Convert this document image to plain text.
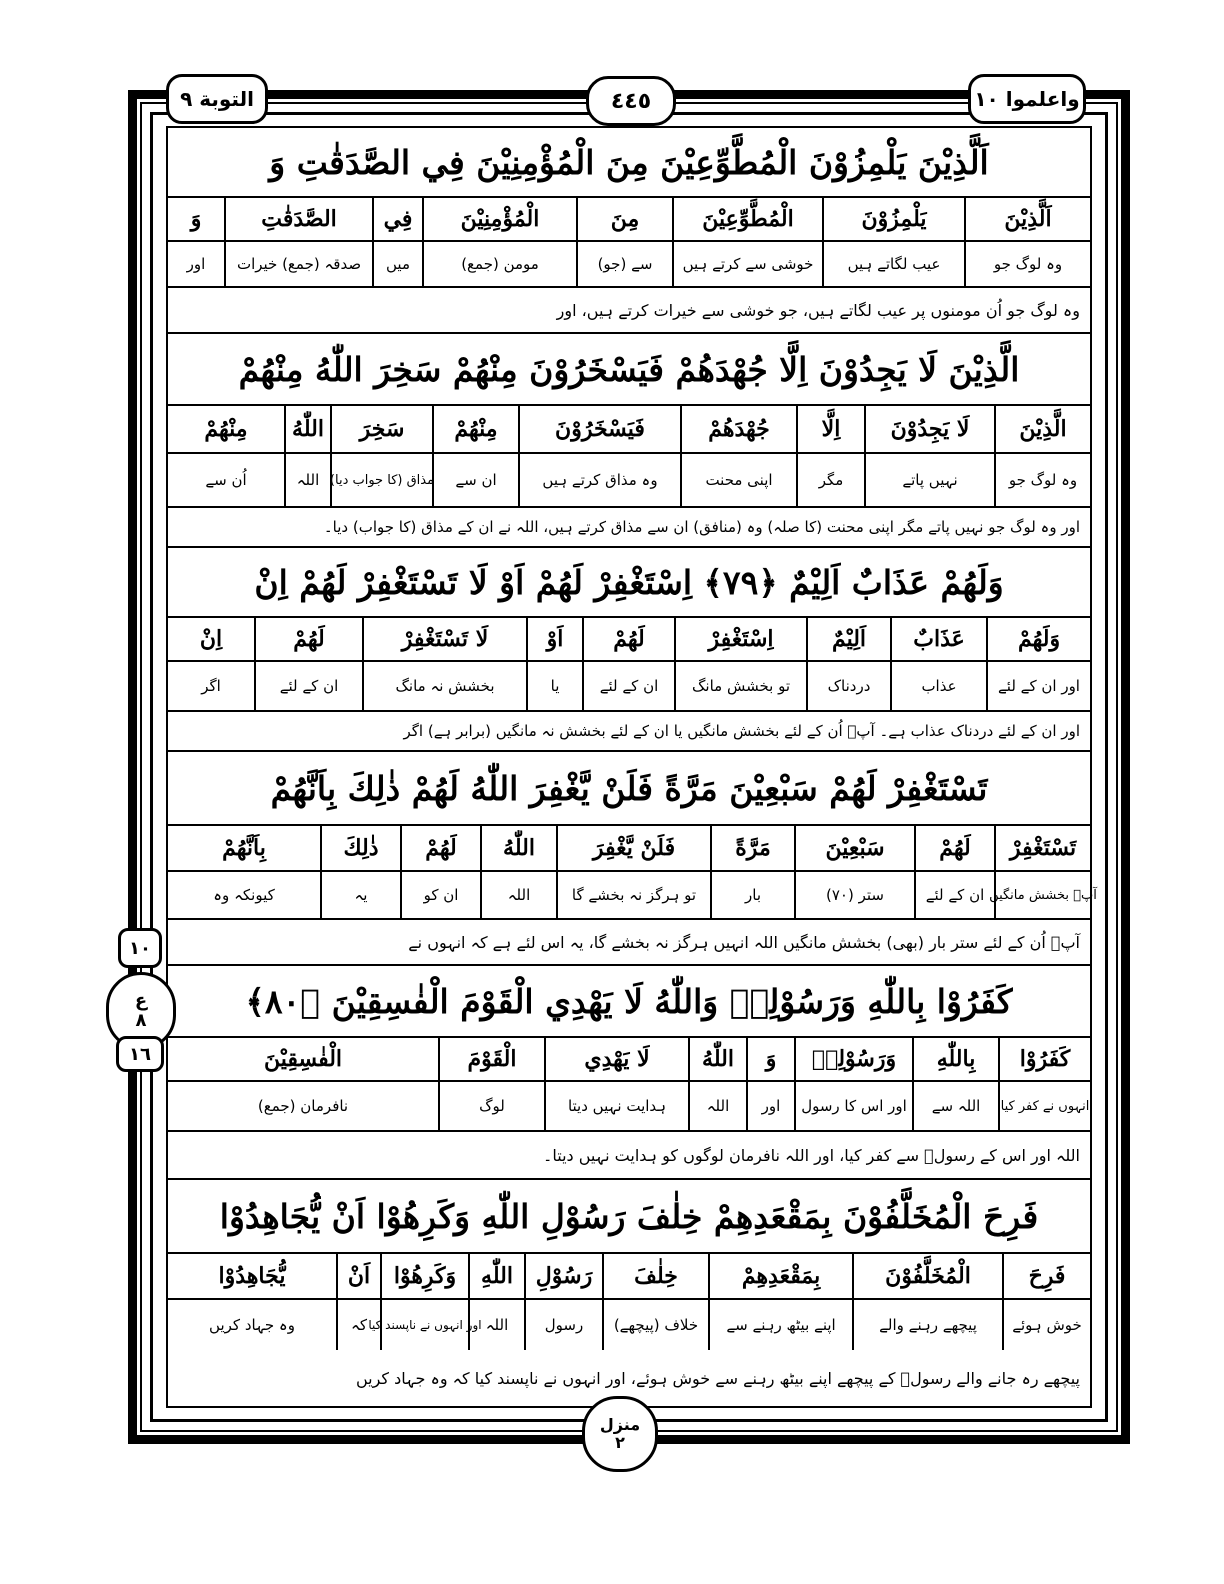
التوبة ٩	٤٤٥	واعلموا ١٠
١٠
ع
٨
١٦
اَلَّذِيْنَ يَلْمِزُوْنَ الْمُطَّوِّعِيْنَ مِنَ الْمُؤْمِنِيْنَ فِي الصَّدَقٰتِ وَ
اَلَّذِيْنَ
يَلْمِزُوْنَ
الْمُطَّوِّعِيْنَ
مِنَ
الْمُؤْمِنِيْنَ
فِي
الصَّدَقٰتِ
وَ
وہ لوگ جو
عیب لگاتے ہیں
خوشی سے کرتے ہیں
سے (جو)
مومن (جمع)
میں
صدقہ (جمع) خیرات
اور
وہ لوگ جو اُن مومنوں پر عیب لگاتے ہیں، جو خوشی سے خیرات کرتے ہیں، اور
الَّذِيْنَ لَا يَجِدُوْنَ اِلَّا جُهْدَهُمْ فَيَسْخَرُوْنَ مِنْهُمْ سَخِرَ اللّٰهُ مِنْهُمْ
الَّذِيْنَ
لَا يَجِدُوْنَ
اِلَّا
جُهْدَهُمْ
فَيَسْخَرُوْنَ
مِنْهُمْ
سَخِرَ
اللّٰهُ
مِنْهُمْ
وہ لوگ جو
نہیں پاتے
مگر
اپنی محنت
وہ مذاق کرتے ہیں
ان سے
مذاق (کا جواب دیا)
اللہ
اُن سے
اور وہ لوگ جو نہیں پاتے مگر اپنی محنت (کا صلہ) وہ (منافق) ان سے مذاق کرتے ہیں، اللہ نے ان کے مذاق (کا جواب) دیا۔
وَلَهُمْ عَذَابٌ اَلِيْمٌ ﴿٧٩﴾ اِسْتَغْفِرْ لَهُمْ اَوْ لَا تَسْتَغْفِرْ لَهُمْ اِنْ
وَلَهُمْ
عَذَابٌ
اَلِيْمٌ
اِسْتَغْفِرْ
لَهُمْ
اَوْ
لَا تَسْتَغْفِرْ
لَهُمْ
اِنْ
اور ان کے لئے
عذاب
دردناک
تو بخشش مانگ
ان کے لئے
یا
بخشش نہ مانگ
ان کے لئے
اگر
اور ان کے لئے دردناک عذاب ہے۔ آپؐ اُن کے لئے بخشش مانگیں یا ان کے لئے بخشش نہ مانگیں (برابر ہے) اگر
تَسْتَغْفِرْ لَهُمْ سَبْعِيْنَ مَرَّةً فَلَنْ يَّغْفِرَ اللّٰهُ لَهُمْ ذٰلِكَ بِاَنَّهُمْ
تَسْتَغْفِرْ
لَهُمْ
سَبْعِيْنَ
مَرَّةً
فَلَنْ يَّغْفِرَ
اللّٰهُ
لَهُمْ
ذٰلِكَ
بِاَنَّهُمْ
آپؐ بخشش مانگیں
ان کے لئے
ستر (٧٠)
بار
تو ہرگز نہ بخشے گا
اللہ
ان کو
یہ
کیونکہ وہ
آپؐ اُن کے لئے ستر بار (بھی) بخشش مانگیں اللہ انہیں ہرگز نہ بخشے گا، یہ اس لئے ہے کہ انہوں نے
كَفَرُوْا بِاللّٰهِ وَرَسُوْلِهٖ وَاللّٰهُ لَا يَهْدِي الْقَوْمَ الْفٰسِقِيْنَ ﴿٨٠﴾
كَفَرُوْا
بِاللّٰهِ
وَرَسُوْلِهٖ
وَ
اللّٰهُ
لَا يَهْدِي
الْقَوْمَ
الْفٰسِقِيْنَ
انہوں نے کفر کیا
اللہ سے
اور اس کا رسول
اور
اللہ
ہدایت نہیں دیتا
لوگ
نافرمان (جمع)
اللہ اور اس کے رسولؐ سے کفر کیا، اور اللہ نافرمان لوگوں کو ہدایت نہیں دیتا۔
فَرِحَ الْمُخَلَّفُوْنَ بِمَقْعَدِهِمْ خِلٰفَ رَسُوْلِ اللّٰهِ وَكَرِهُوْا اَنْ يُّجَاهِدُوْا
فَرِحَ
الْمُخَلَّفُوْنَ
بِمَقْعَدِهِمْ
خِلٰفَ
رَسُوْلِ
اللّٰهِ
وَكَرِهُوْا
اَنْ
يُّجَاهِدُوْا
خوش ہوئے
پیچھے رہنے والے
اپنے بیٹھ رہنے سے
خلاف (پیچھے)
رسول
اللہ
اور انہوں نے ناپسند کیا
کہ
وہ جہاد کریں
پیچھے رہ جانے والے رسولؐ کے پیچھے اپنے بیٹھ رہنے سے خوش ہوئے، اور انہوں نے ناپسند کیا کہ وہ جہاد کریں
منزل
٢
